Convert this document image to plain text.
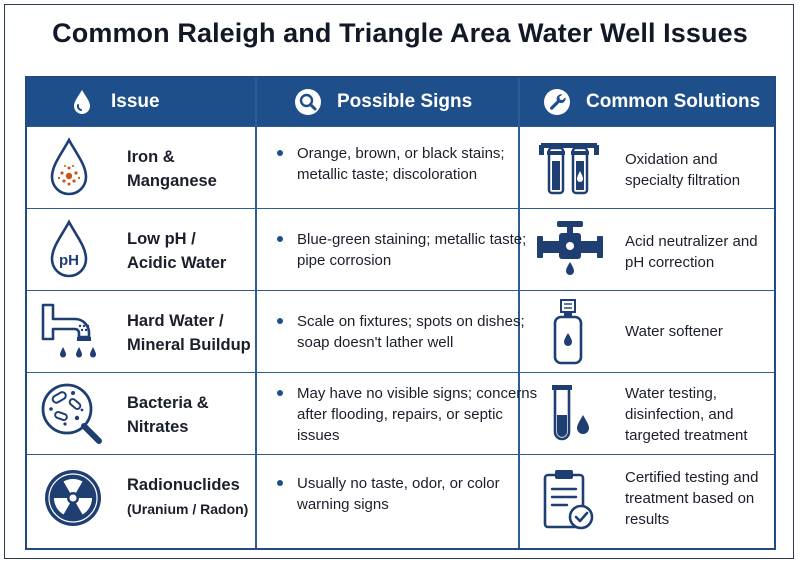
Common Raleigh and Triangle Area Water Well Issues
Issue	Possible Signs	Common Solutions
Iron &
Manganese
Orange, brown, or black stains; metallic taste; discoloration
Oxidation and specialty filtration
pH
Low pH /
Acidic Water
Blue-green staining; metallic taste; pipe corrosion
Acid neutralizer and pH correction
Hard Water /
Mineral Buildup
Scale on fixtures; spots on dishes; soap doesn't lather well
Water softener
Bacteria &
Nitrates
May have no visible signs; concerns after flooding, repairs, or septic issues
Water testing, disinfection, and targeted treatment
Radionuclides
(Uranium / Radon)
Usually no taste, odor, or color warning signs
Certified testing and treatment based on results
